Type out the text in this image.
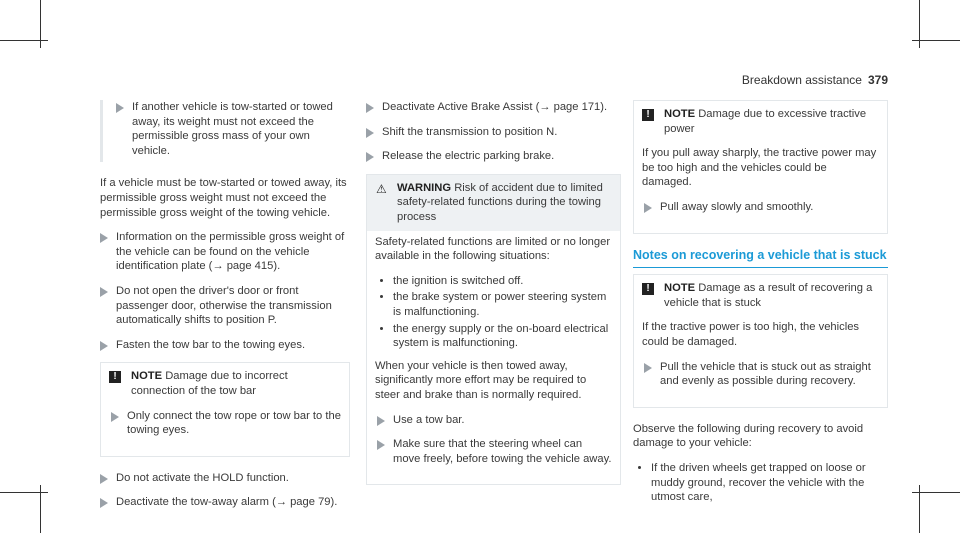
Breakdown assistance 379
If another vehicle is tow-started or towed away, its weight must not exceed the permissible gross mass of your own vehicle.

If a vehicle must be tow-started or towed away, its permissible gross weight must not exceed the permissible gross weight of the towing vehicle.

Information on the permissible gross weight of the vehicle can be found on the vehicle identification plate (→ page 415).
Do not open the driver's door or front passenger door, otherwise the transmission automatically shifts to position P.
Fasten the tow bar to the towing eyes.
!	NOTE Damage due to incorrect connection of the tow bar
Only connect the tow rope or tow bar to the towing eyes.
Do not activate the HOLD function.
Deactivate the tow-away alarm (→ page 79).
Deactivate Active Brake Assist (→ page 171).
Shift the transmission to position N.
Release the electric parking brake.
⚠ WARNING Risk of accident due to limited safety-related functions during the towing process

Safety-related functions are limited or no longer available in the following situations:

• the ignition is switched off.
• the brake system or power steering system is malfunctioning.
• the energy supply or the on-board electrical system is malfunctioning.

When your vehicle is then towed away, significantly more effort may be required to steer and brake than is normally required.

Use a tow bar.
Make sure that the steering wheel can move freely, before towing the vehicle away.
!	NOTE Damage due to excessive tractive power

If you pull away sharply, the tractive power may be too high and the vehicles could be damaged.

Pull away slowly and smoothly.
Notes on recovering a vehicle that is stuck
!	NOTE Damage as a result of recovering a vehicle that is stuck

If the tractive power is too high, the vehicles could be damaged.

Pull the vehicle that is stuck out as straight and evenly as possible during recovery.

Observe the following during recovery to avoid damage to your vehicle:

• If the driven wheels get trapped on loose or muddy ground, recover the vehicle with the utmost care,
